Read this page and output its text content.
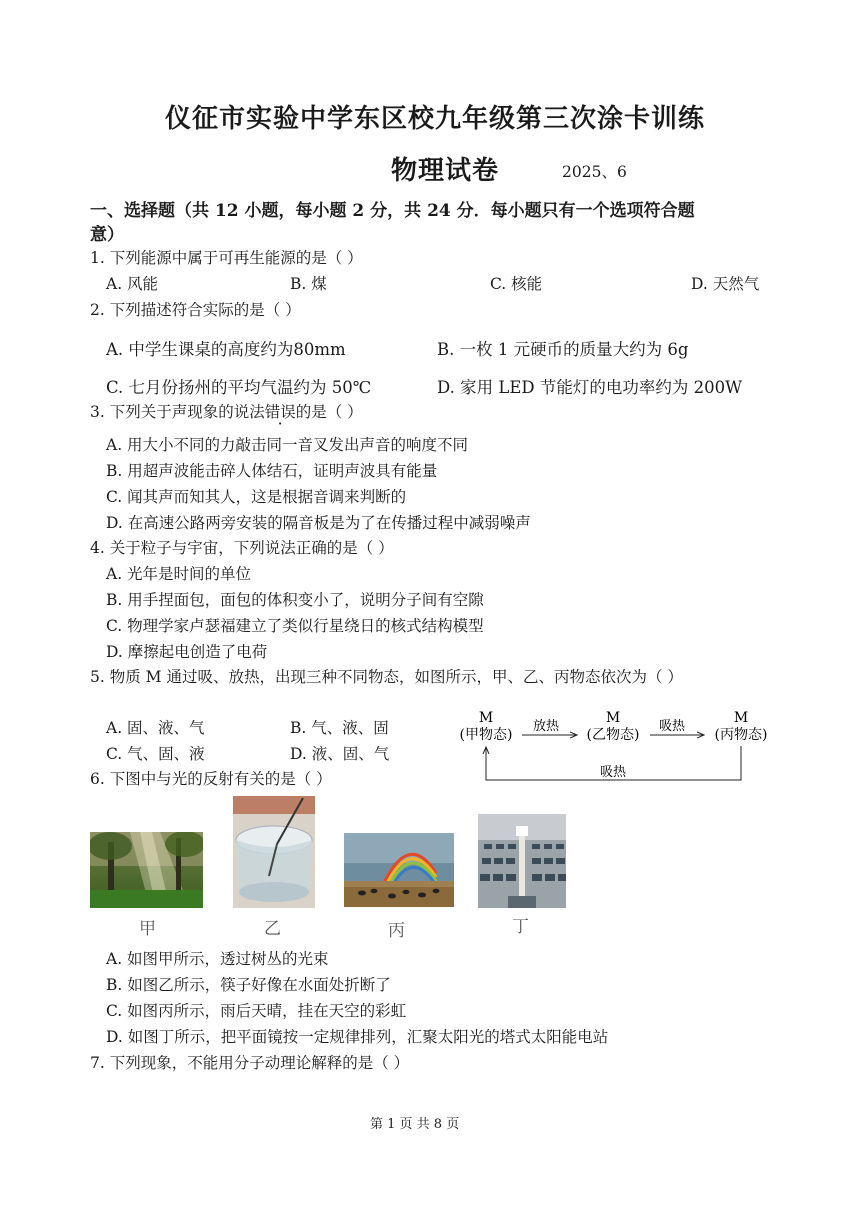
仪征市实验中学东区校九年级第三次涂卡训练
物理试卷	2025、6
一、选择题（共 12 小题，每小题 2 分，共 24 分．每小题只有一个选项符合题
意）
1. 下列能源中属于可再生能源的是（ ）
A. 风能	B. 煤	C. 核能	D. 天然气
2. 下列描述符合实际的是（ ）
A. 中学生课桌的高度约为80mm	B. 一枚 1 元硬币的质量大约为 6g
C. 七月份扬州的平均气温约为 50℃	D. 家用 LED 节能灯的电功率约为 200W
3. 下列关于声现象的说法错误的是（ ）
A. 用大小不同的力敲击同一音叉发出声音的响度不同
B. 用超声波能击碎人体结石，证明声波具有能量
C. 闻其声而知其人，这是根据音调来判断的
D. 在高速公路两旁安装的隔音板是为了在传播过程中减弱噪声
4. 关于粒子与宇宙，下列说法正确的是（ ）
A. 光年是时间的单位
B. 用手捏面包，面包的体积变小了，说明分子间有空隙
C. 物理学家卢瑟福建立了类似行星绕日的核式结构模型
D. 摩擦起电创造了电荷
5. 物质 M 通过吸、放热，出现三种不同物态，如图所示，甲、乙、丙物态依次为（ ）
A. 固、液、气	B. 气、液、固
C. 气、固、液	D. 液、固、气
M
(甲物态)
M
(乙物态)
M
(丙物态)
放热	吸热
吸热
6. 下图中与光的反射有关的是（ ）
甲	乙	丙	丁
A. 如图甲所示，透过树丛的光束
B. 如图乙所示，筷子好像在水面处折断了
C. 如图丙所示，雨后天晴，挂在天空的彩虹
D. 如图丁所示，把平面镜按一定规律排列，汇聚太阳光的塔式太阳能电站
7. 下列现象，不能用分子动理论解释的是（ ）
第 1 页 共 8 页
